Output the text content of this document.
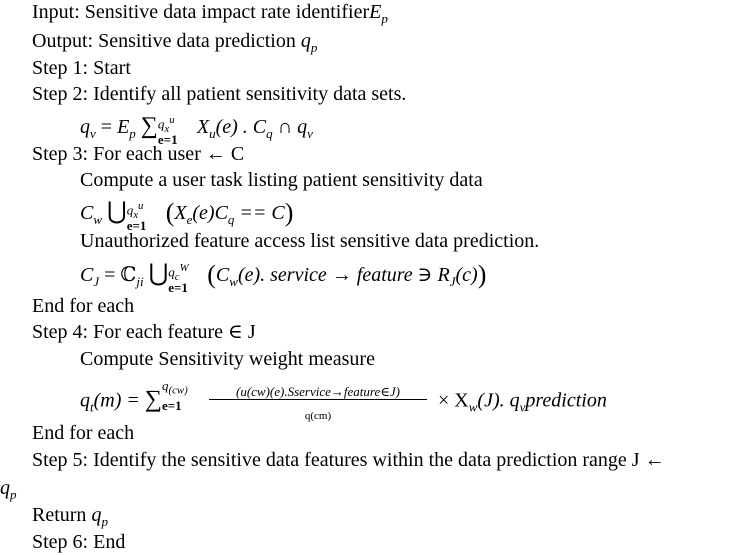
Input: Sensitive data impact rate identifierE$_p$
Output: Sensitive data prediction $q_p$
Step 1: Start
Step 2: Identify all patient sensitivity data sets.
$q_v = E_p$ ∑ $q_x^u$
e=1
$X_u(e)$ . $C_q$ ∩ $q_v$
Step 3: For each user ← C
Compute a user task listing patient sensitivity data
$C_w$ ⋃ $q_x^u$
e=1 $(X_e(e)C_q == C)$
Unauthorized feature access list sensitive data prediction.
$C_J$ = ℂ$_{ji}$ ⋃ $q_c^W$
e=1 ($C_w(e)$. service → feature ∋ $R_J(c)$)
End for each
Step 4: For each feature ∈ J
Compute Sensitivity weight measure
$q_t(m)$ = ∑
$q_{(cw)}$
e=1
$\frac{\text{(u(cw)(e).Sservice→feature∈J)}}{q(cm)} \times X_w(J)$. $q_vprediction$
End for each
Step 5: Identify the sensitive data features within the data prediction range J ←
$q_p$
Return $q_p$
Step 6: End
